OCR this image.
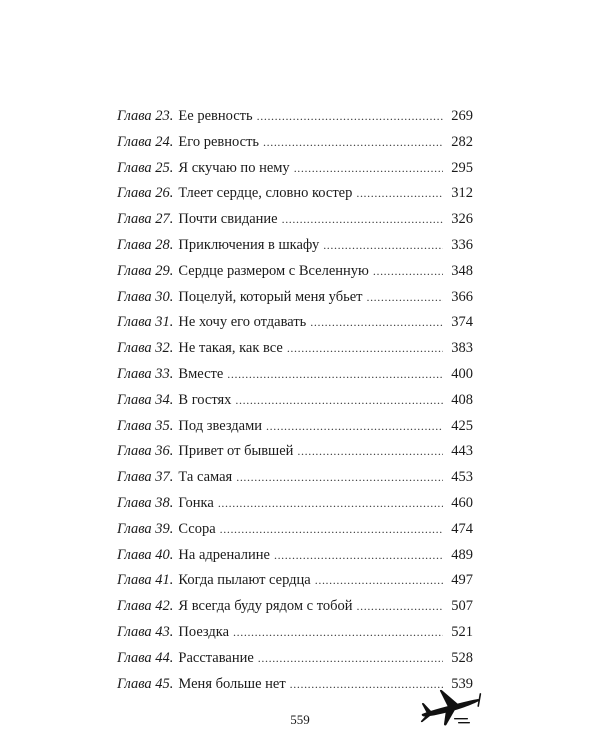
Глава 23. Ее ревность . . .	269
Глава 24. Его ревность . . .	282
Глава 25. Я скучаю по нему . . .	295
Глава 26. Тлеет сердце, словно костер . . .	312
Глава 27. Почти свидание . . .	326
Глава 28. Приключения в шкафу . . .	336
Глава 29. Сердце размером с Вселенную . . .	348
Глава 30. Поцелуй, который меня убьет . . .	366
Глава 31. Не хочу его отдавать . . .	374
Глава 32. Не такая, как все . . .	383
Глава 33. Вместе . . .	400
Глава 34. В гостях . . .	408
Глава 35. Под звездами . . .	425
Глава 36. Привет от бывшей . . .	443
Глава 37. Та самая . . .	453
Глава 38. Гонка . . .	460
Глава 39. Ссора . . .	474
Глава 40. На адреналине . . .	489
Глава 41. Когда пылают сердца . . .	497
Глава 42. Я всегда буду рядом с тобой . . .	507
Глава 43. Поездка . . .	521
Глава 44. Расставание . . .	528
Глава 45. Меня больше нет . . .	539
559
